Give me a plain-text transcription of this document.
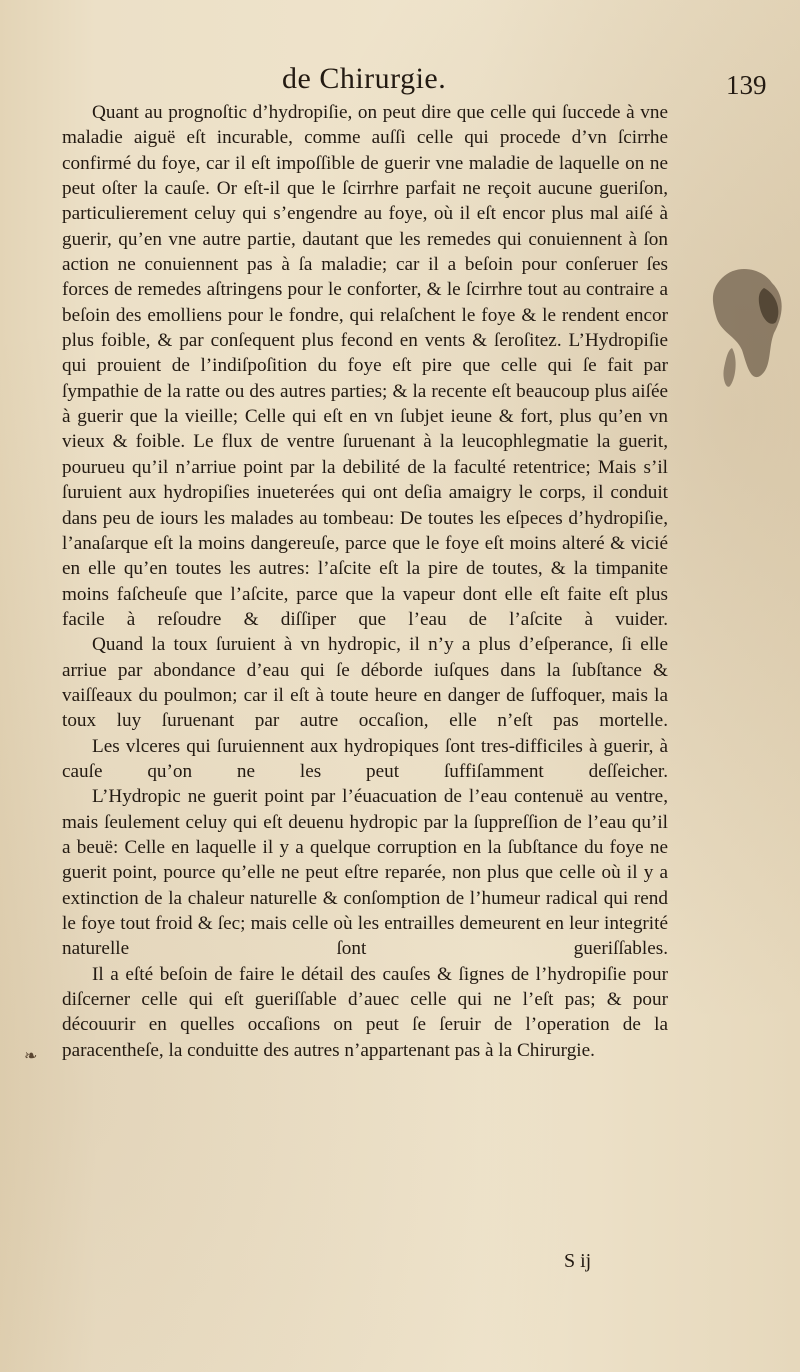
de Chirurgie.	139

Quant au prognoſtic d’hydropiſie, on peut dire que celle qui ſuccede à vne maladie aiguë eſt incurable, comme auſſi celle qui procede d’vn ſcirrhe confirmé du foye, car il eſt impoſſible de guerir vne maladie de laquelle on ne peut oſter la cauſe. Or eſt-il que le ſcirrhre parfait ne reçoit aucune gueriſon, particulierement celuy qui s’engendre au foye, où il eſt encor plus mal aiſé à guerir, qu’en vne autre partie, dautant que les remedes qui conuiennent à ſon action ne conuiennent pas à ſa maladie; car il a beſoin pour conſeruer ſes forces de remedes aſtringens pour le conforter, & le ſcirrhre tout au contraire a beſoin des emolliens pour le fondre, qui relaſchent le foye & le rendent encor plus foible, & par conſequent plus fecond en vents & ſeroſitez. L’Hydropiſie qui prouient de l’indiſpoſition du foye eſt pire que celle qui ſe fait par ſympathie de la ratte ou des autres parties; & la recente eſt beaucoup plus aiſée à guerir que la vieille; Celle qui eſt en vn ſubjet ieune & fort, plus qu’en vn vieux & foible. Le flux de ventre ſuruenant à la leucophlegmatie la guerit, pourueu qu’il n’arriue point par la debilité de la faculté retentrice; Mais s’il ſuruient aux hydropiſies inueterées qui ont deſia amaigry le corps, il conduit dans peu de iours les malades au tombeau: De toutes les eſpeces d’hydropiſie, l’anaſarque eſt la moins dangereuſe, parce que le foye eſt moins alteré & vicié en elle qu’en toutes les autres: l’aſcite eſt la pire de toutes, & la timpanite moins faſcheuſe que l’aſcite, parce que la vapeur dont elle eſt faite eſt plus facile à reſoudre & diſſiper que l’eau de l’aſcite à vuider.

Quand la toux ſuruient à vn hydropic, il n’y a plus d’eſperance, ſi elle arriue par abondance d’eau qui ſe déborde iuſques dans la ſubſtance & vaiſſeaux du poulmon; car il eſt à toute heure en danger de ſuffoquer, mais la toux luy ſuruenant par autre occaſion, elle n’eſt pas mortelle.

Les vlceres qui ſuruiennent aux hydropiques ſont tres-difficiles à guerir, à cauſe qu’on ne les peut ſuffiſamment deſſeicher.

L’Hydropic ne guerit point par l’éuacuation de l’eau contenuë au ventre, mais ſeulement celuy qui eſt deuenu hydropic par la ſuppreſſion de l’eau qu’il a beuë: Celle en laquelle il y a quelque corruption en la ſubſtance du foye ne guerit point, pource qu’elle ne peut eſtre reparée, non plus que celle où il y a extinction de la chaleur naturelle & conſomption de l’humeur radical qui rend le foye tout froid & ſec; mais celle où les entrailles demeurent en leur integrité naturelle ſont gueriſſables.

Il a eſté beſoin de faire le détail des cauſes & ſignes de l’hydropiſie pour diſcerner celle qui eſt gueriſſable d’auec celle qui ne l’eſt pas; & pour découurir en quelles occaſions on peut ſe ſeruir de l’operation de la paracentheſe, la conduitte des autres n’appartenant pas à la Chirurgie.

S ij
❧
